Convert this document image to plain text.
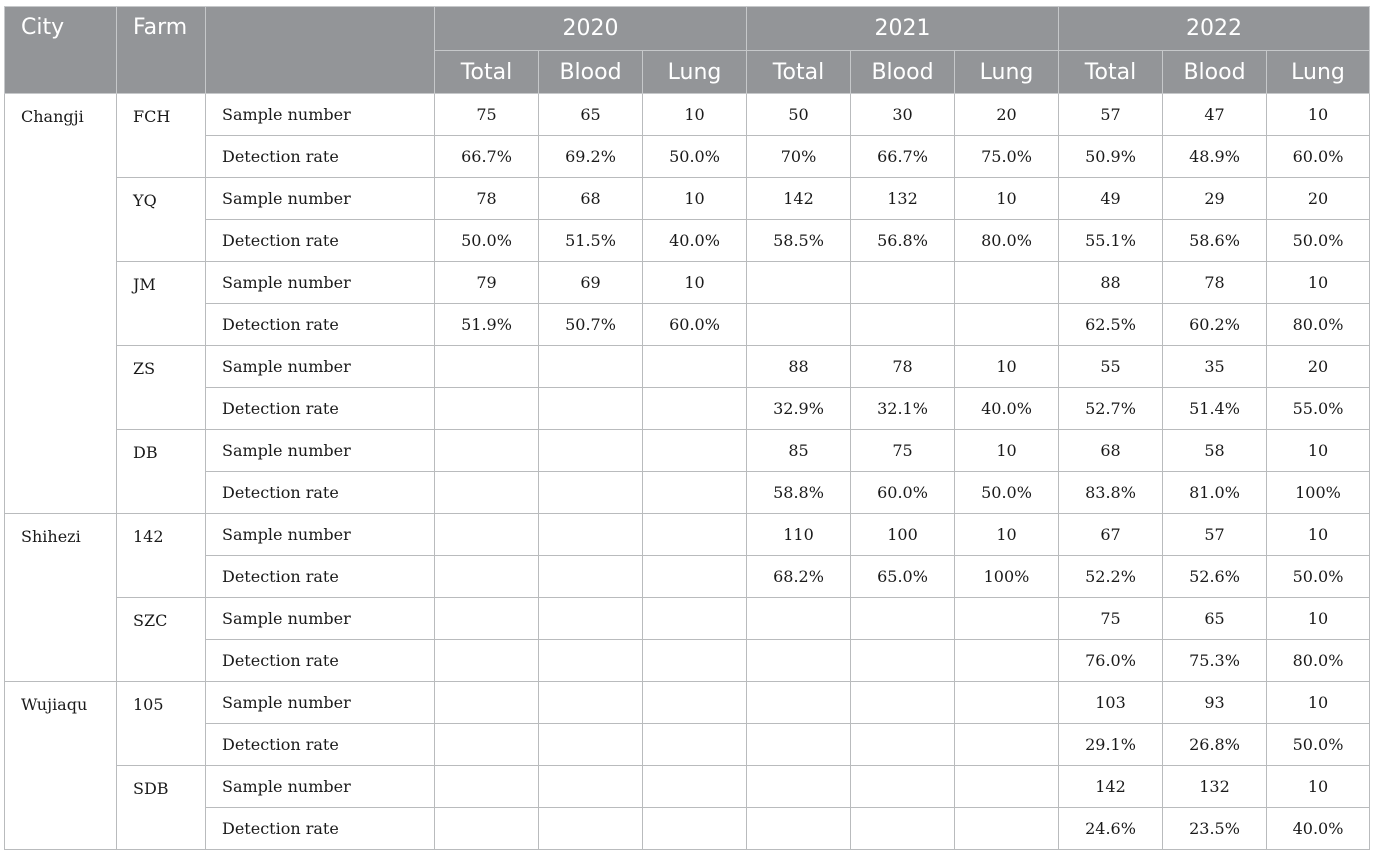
City	Farm		2020			2021			2022		
			Total	Blood	Lung	Total	Blood	Lung	Total	Blood	Lung
Changji	FCH	Sample number	75	65	10	50	30	20	57	47	10
		Detection rate	66.7%	69.2%	50.0%	70%	66.7%	75.0%	50.9%	48.9%	60.0%
	YQ	Sample number	78	68	10	142	132	10	49	29	20
		Detection rate	50.0%	51.5%	40.0%	58.5%	56.8%	80.0%	55.1%	58.6%	50.0%
	JM	Sample number	79	69	10				88	78	10
		Detection rate	51.9%	50.7%	60.0%				62.5%	60.2%	80.0%
	ZS	Sample number				88	78	10	55	35	20
		Detection rate				32.9%	32.1%	40.0%	52.7%	51.4%	55.0%
	DB	Sample number				85	75	10	68	58	10
		Detection rate				58.8%	60.0%	50.0%	83.8%	81.0%	100%
Shihezi	142	Sample number				110	100	10	67	57	10
		Detection rate				68.2%	65.0%	100%	52.2%	52.6%	50.0%
	SZC	Sample number							75	65	10
		Detection rate							76.0%	75.3%	80.0%
Wujiaqu	105	Sample number							103	93	10
		Detection rate							29.1%	26.8%	50.0%
	SDB	Sample number							142	132	10
		Detection rate							24.6%	23.5%	40.0%
